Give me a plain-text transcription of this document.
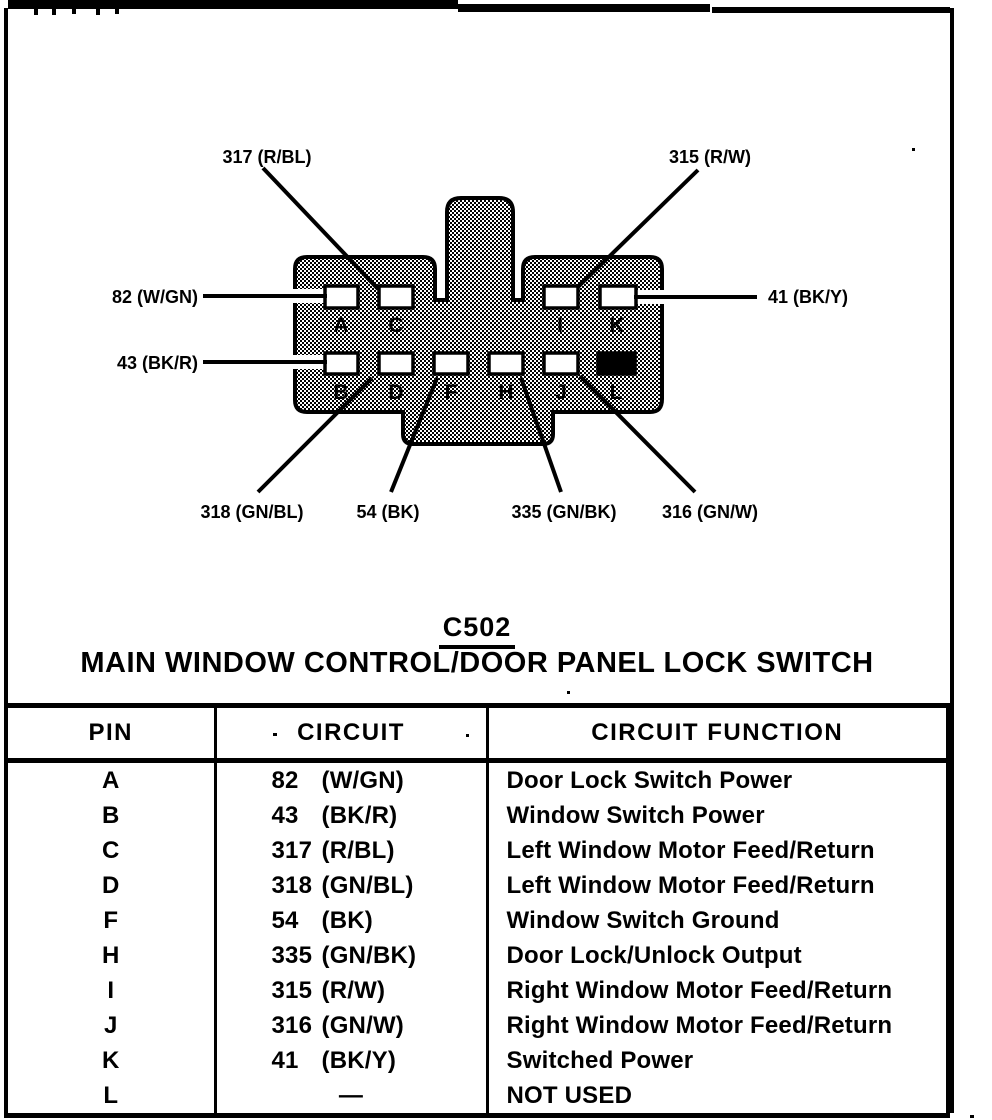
A C	I K
B D F H J L
317 (R/BL)	315 (R/W)
82 (W/GN)
43 (BK/R)
41 (BK/Y)
318 (GN/BL)	54 (BK)	335 (GN/BK)	316 (GN/W)
C502
MAIN WINDOW CONTROL/DOOR PANEL LOCK SWITCH
PIN	CIRCUIT	CIRCUIT FUNCTION
A	82 (W/GN)	Door Lock Switch Power
B	43 (BK/R)	Window Switch Power
C	317 (R/BL)	Left Window Motor Feed/Return
D	318 (GN/BL)	Left Window Motor Feed/Return
F	54 (BK)	Window Switch Ground
H	335 (GN/BK)	Door Lock/Unlock Output
I	315 (R/W)	Right Window Motor Feed/Return
J	316 (GN/W)	Right Window Motor Feed/Return
K	41 (BK/Y)	Switched Power
L	—	NOT USED
